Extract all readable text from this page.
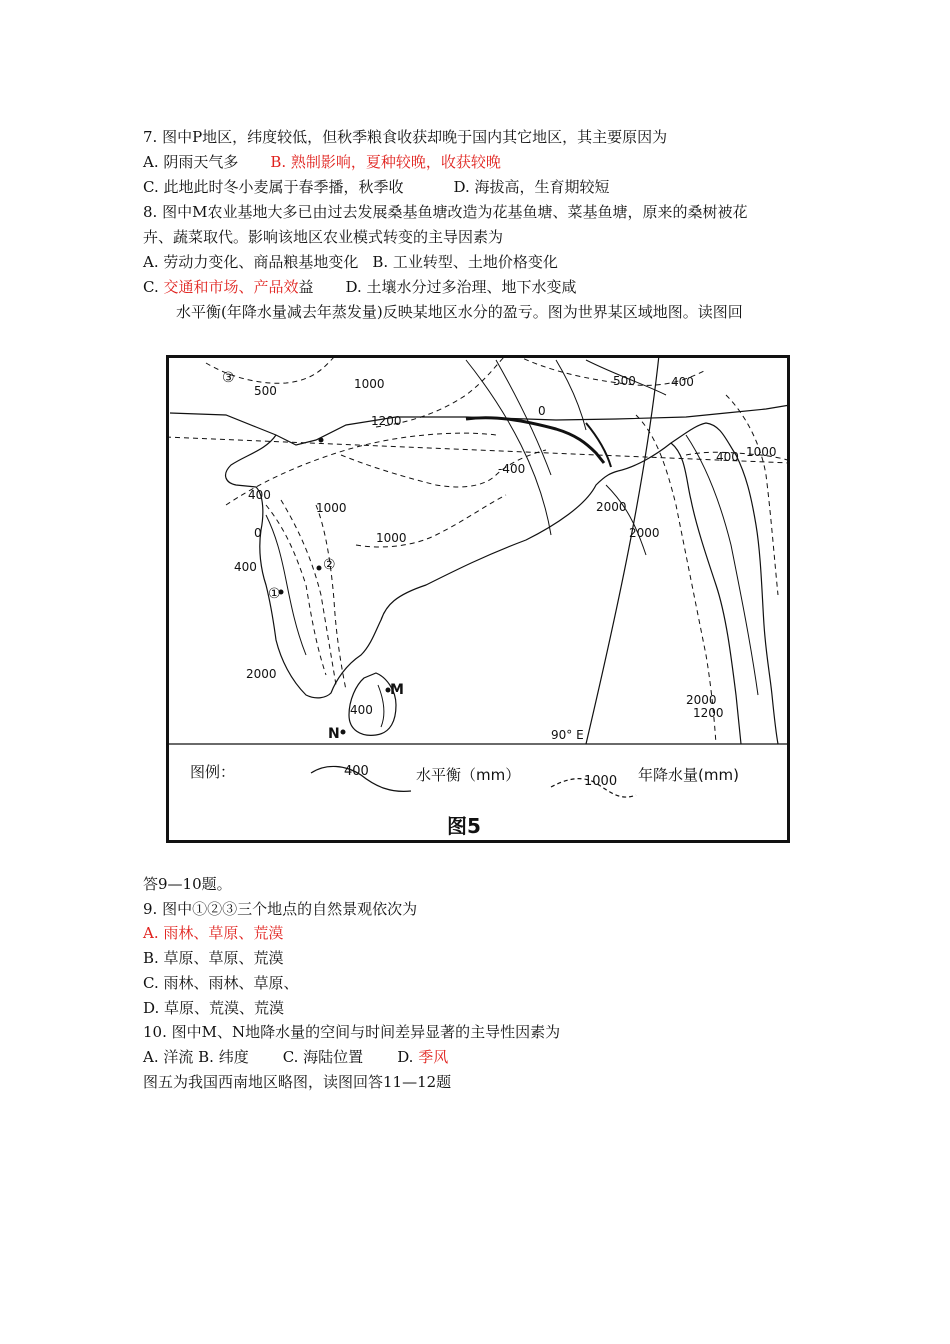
7. 图中P地区，纬度较低，但秋季粮食收获却晚于国内其它地区，其主要原因为
A. 阴雨天气多 B. 熟制影响，夏种较晚，收获较晚
C. 此地此时冬小麦属于春季播，秋季收	D. 海拔高，生育期较短
8. 图中M农业基地大多已由过去发展桑基鱼塘改造为花基鱼塘、菜基鱼塘，原来的桑树被花
卉、蔬菜取代。影响该地区农业模式转变的主导因素为
A. 劳动力变化、商品粮基地变化 B. 工业转型、土地价格变化
C. 交通和市场、产品效益 D. 土壤水分过多治理、地下水变咸
水平衡(年降水量减去年蒸发量)反映某地区水分的盈亏。图为世界某区域地图。读图回
500	1000
1200
0
500	400
-400
400 1000
400
1000
0	1000
400
2000
2000
2000
400
2000
1200
①
②
③
M
N	90° E
图例：	400	水平衡（mm）	1000 年降水量(mm)
图5
答9—10题。
9. 图中①②③三个地点的自然景观依次为
A. 雨林、草原、荒漠
B. 草原、草原、荒漠
C. 雨林、雨林、草原、
D. 草原、荒漠、荒漠
10. 图中M、N地降水量的空间与时间差异显著的主导性因素为
A. 洋流 B. 纬度 C. 海陆位置 D. 季风
图五为我国西南地区略图，读图回答11—12题
